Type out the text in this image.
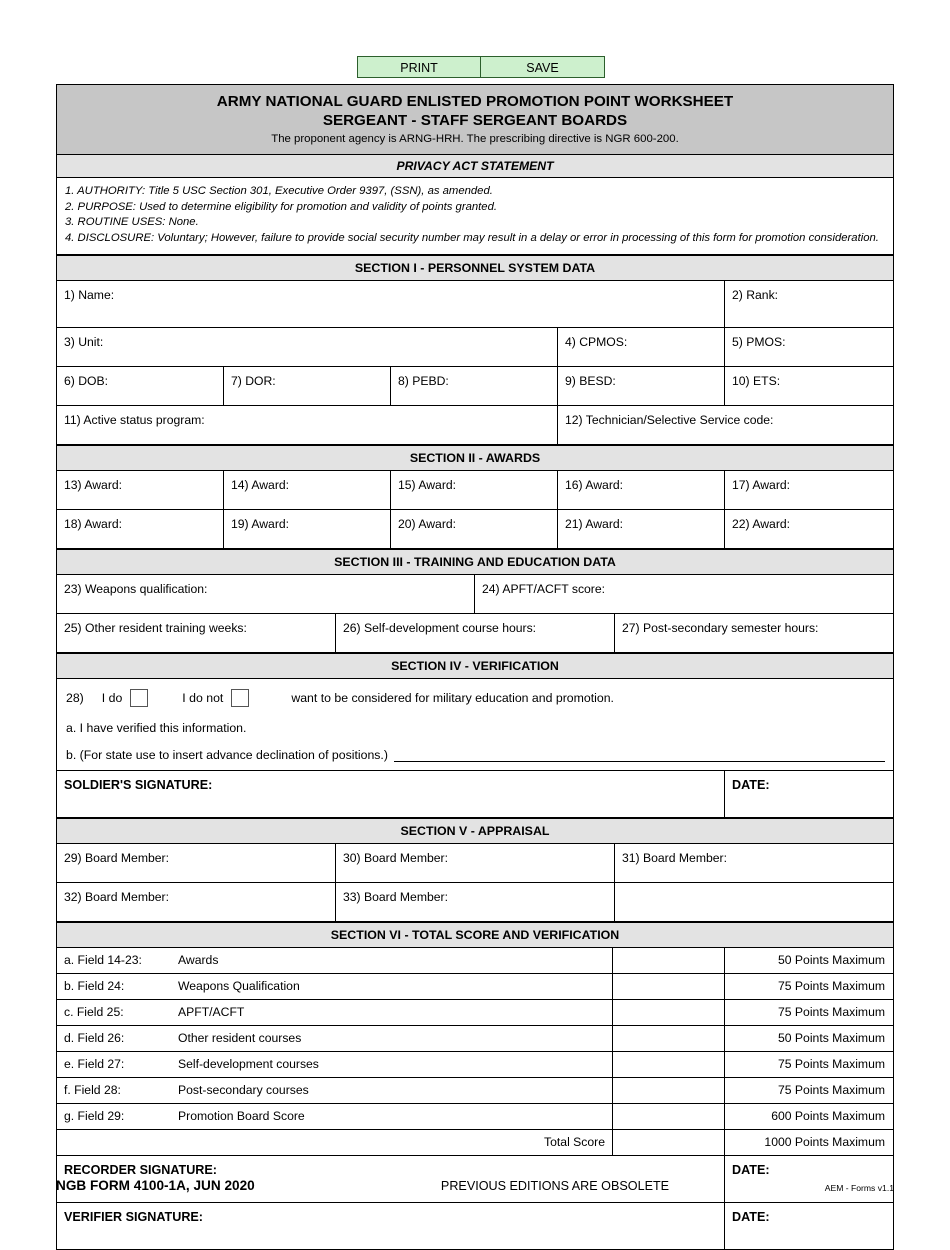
PRINT	SAVE
ARMY NATIONAL GUARD ENLISTED PROMOTION POINT WORKSHEET
SERGEANT - STAFF SERGEANT BOARDS
The proponent agency is ARNG-HRH. The prescribing directive is NGR 600-200.
PRIVACY ACT STATEMENT
1. AUTHORITY: Title 5 USC Section 301, Executive Order 9397, (SSN), as amended.
2. PURPOSE: Used to determine eligibility for promotion and validity of points granted.
3. ROUTINE USES: None.
4. DISCLOSURE: Voluntary; However, failure to provide social security number may result in a delay or error in processing of this form for promotion consideration.
SECTION I - PERSONNEL SYSTEM DATA
1) Name:	2) Rank:
3) Unit:	4) CPMOS:	5) PMOS:
6) DOB:	7) DOR:	8) PEBD:	9) BESD:	10) ETS:
11) Active status program:	12) Technician/Selective Service code:
SECTION II - AWARDS
13) Award:	14) Award:	15) Award:	16) Award:	17) Award:
18) Award:	19) Award:	20) Award:	21) Award:	22) Award:
SECTION III - TRAINING AND EDUCATION DATA
23) Weapons qualification:	24) APFT/ACFT score:
25) Other resident training weeks:	26) Self-development course hours:	27) Post-secondary semester hours:
SECTION IV - VERIFICATION
28) I do	I do not	want to be considered for military education and promotion.
a. I have verified this information.
b. (For state use to insert advance declination of positions.)
SOLDIER'S SIGNATURE:	DATE:
SECTION V - APPRAISAL
29) Board Member:	30) Board Member:	31) Board Member:
32) Board Member:	33) Board Member:
SECTION VI - TOTAL SCORE AND VERIFICATION
a. Field 14-23:	Awards	50 Points Maximum
b. Field 24:	Weapons Qualification	75 Points Maximum
c. Field 25:	APFT/ACFT	75 Points Maximum
d. Field 26:	Other resident courses	50 Points Maximum
e. Field 27:	Self-development courses	75 Points Maximum
f. Field 28:	Post-secondary courses	75 Points Maximum
g. Field 29:	Promotion Board Score	600 Points Maximum
Total Score	1000 Points Maximum
RECORDER SIGNATURE:	DATE:
VERIFIER SIGNATURE:	DATE:
NGB FORM 4100-1A, JUN 2020	PREVIOUS EDITIONS ARE OBSOLETE	AEM - Forms v1.1
